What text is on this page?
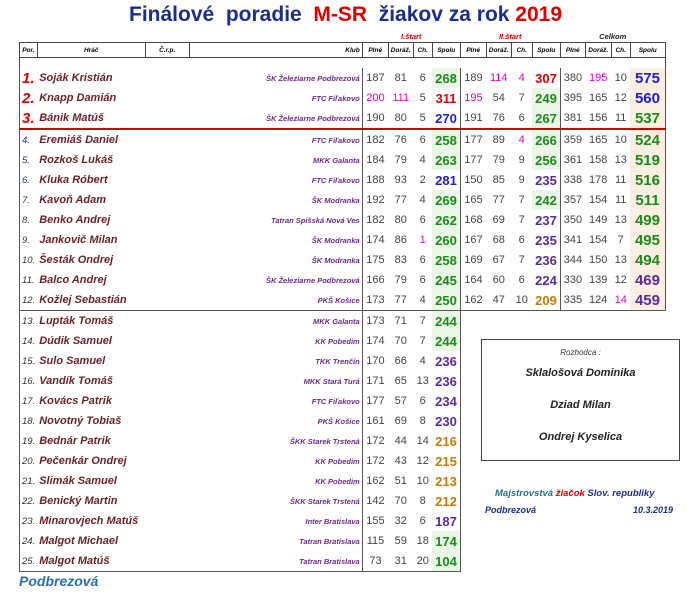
Finálové  poradie  M-SR  žiakov za rok 2019
				I.štart				II.štart				Celkom			
Por.	Hráč	Č.r.p.	Klub	Plné	Doráž.	Ch.	Spolu	Plné	Doráž.	Ch.	Spolu	Plné	Doráž.	Ch.	Spolu

1.	Soják Kristián		ŠK Železiarne Podbrezová	187	81	6	268	189	114	4	307	380	195	10	575
2.	Knapp Damián		FTC Fiľakovo	200	111	5	311	195	54	7	249	395	165	12	560
3.	Bánik Matúš		ŠK Železiarne Podbrezová	190	80	5	270	191	76	6	267	381	156	11	537
4.	Eremiáš Daniel		FTC Fiľakovo	182	76	6	258	177	89	4	266	359	165	10	524
5.	Rozkoš Lukáš		MKK Galanta	184	79	4	263	177	79	9	256	361	158	13	519
6.	Kluka Róbert		FTC Fiľakovo	188	93	2	281	150	85	9	235	338	178	11	516
7.	Kavoň Adam		ŠK Modranka	192	77	4	269	165	77	7	242	357	154	11	511
8.	Benko Andrej		Tatran Spišská Nová Ves	182	80	6	262	168	69	7	237	350	149	13	499
9.	Jankovič Milan		ŠK Modranka	174	86	1	260	167	68	6	235	341	154	7	495
10.	Šesták Ondrej		ŠK Modranka	175	83	6	258	169	67	7	236	344	150	13	494
11.	Balco Andrej		ŠK Železiarne Podbrezová	166	79	6	245	164	60	6	224	330	139	12	469
12.	Kožlej Sebastián		PKŠ Košice	173	77	4	250	162	47	10	209	335	124	14	459
13.	Lupták Tomáš		MKK Galanta	173	71	7	244								
14.	Dúdik Samuel		KK Pobedim	174	70	7	244								
15.	Sulo Samuel		TKK Trenčín	170	66	4	236								
16.	Vandík Tomáš		MKK Stará Turá	171	65	13	236								
17.	Kovács Patrik		FTC Fiľakovo	177	57	6	234								
18.	Novotný Tobiaš		PKŠ Košice	161	69	8	230								
19.	Bednár Patrik		ŠKK Starek Trstená	172	44	14	216								
20.	Pečenkár Ondrej		KK Pobedim	172	43	12	215								
21.	Slimák Samuel		KK Pobedim	162	51	10	213								
22.	Benický Martin		ŠKK Starek Trstená	142	70	8	212								
23.	Minarovjech Matúš		Inter Bratislava	155	32	6	187								
24.	Malgot Michael		Tatran Bratislava	115	59	18	174								
25.	Malgot Matúš		Tatran Bratislava	73	31	20	104								
Rozhodca :
Sklalošová Dominika
Dziad Milan
Ondrej Kyselica
Majstrovstvá žiačok Slov. republiky
Podbrezová	10.3.2019
Podbrezová
